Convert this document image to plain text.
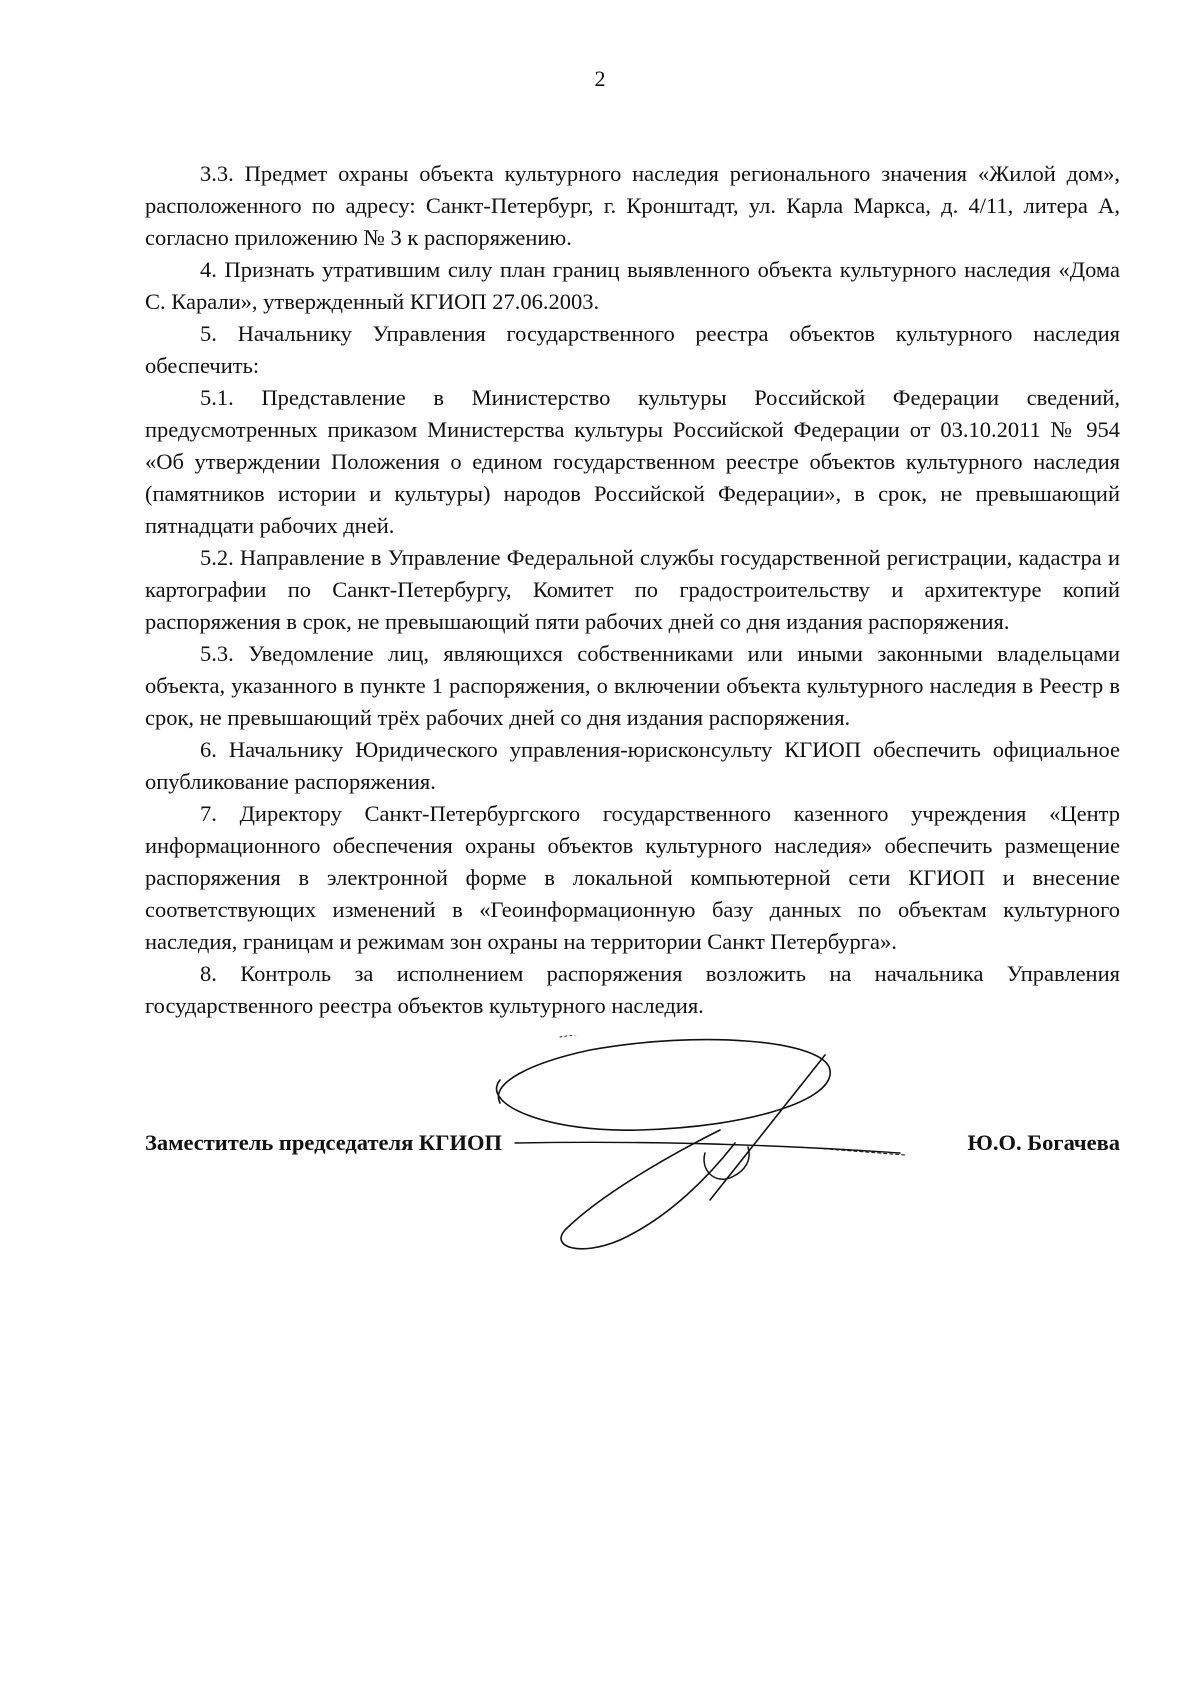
2

3.3. Предмет охраны объекта культурного наследия регионального значения «Жилой дом», расположенного по адресу: Санкт-Петербург, г. Кронштадт, ул. Карла Маркса, д. 4/11, литера А, согласно приложению № 3 к распоряжению.

4. Признать утратившим силу план границ выявленного объекта культурного наследия «Дома С. Карали», утвержденный КГИОП 27.06.2003.

5. Начальнику Управления государственного реестра объектов культурного наследия обеспечить:

5.1. Представление в Министерство культуры Российской Федерации сведений, предусмотренных приказом Министерства культуры Российской Федерации от 03.10.2011 № 954 «Об утверждении Положения о едином государственном реестре объектов культурного наследия (памятников истории и культуры) народов Российской Федерации», в срок, не превышающий пятнадцати рабочих дней.

5.2. Направление в Управление Федеральной службы государственной регистрации, кадастра и картографии по Санкт-Петербургу, Комитет по градостроительству и архитектуре копий распоряжения в срок, не превышающий пяти рабочих дней со дня издания распоряжения.

5.3. Уведомление лиц, являющихся собственниками или иными законными владельцами объекта, указанного в пункте 1 распоряжения, о включении объекта культурного наследия в Реестр в срок, не превышающий трёх рабочих дней со дня издания распоряжения.

6. Начальнику Юридического управления-юрисконсульту КГИОП обеспечить официальное опубликование распоряжения.

7. Директору Санкт-Петербургского государственного казенного учреждения «Центр информационного обеспечения охраны объектов культурного наследия» обеспечить размещение распоряжения в электронной форме в локальной компьютерной сети КГИОП и внесение соответствующих изменений в «Геоинформационную базу данных по объектам культурного наследия, границам и режимам зон охраны на территории Санкт Петербурга».

8. Контроль за исполнением распоряжения возложить на начальника Управления государственного реестра объектов культурного наследия.

Заместитель председателя КГИОП	Ю.О. Богачева
